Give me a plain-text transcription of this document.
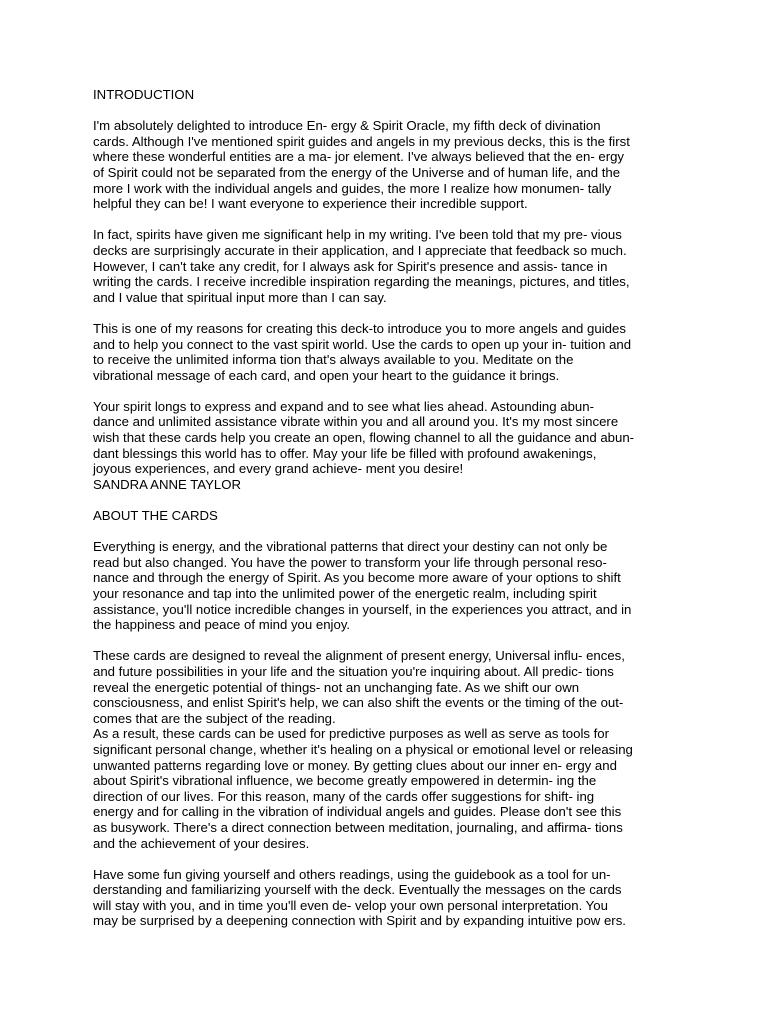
INTRODUCTION
I'm absolutely delighted to introduce En- ergy & Spirit Oracle, my fifth deck of divination
cards. Although I've mentioned spirit guides and angels in my previous decks, this is the first
where these wonderful entities are a ma- jor element. I've always believed that the en- ergy
of Spirit could not be separated from the energy of the Universe and of human life, and the
more I work with the individual angels and guides, the more I realize how monumen- tally
helpful they can be! I want everyone to experience their incredible support.
In fact, spirits have given me significant help in my writing. I've been told that my pre- vious
decks are surprisingly accurate in their application, and I appreciate that feedback so much.
However, I can't take any credit, for I always ask for Spirit's presence and assis- tance in
writing the cards. I receive incredible inspiration regarding the meanings, pictures, and titles,
and I value that spiritual input more than I can say.
This is one of my reasons for creating this deck-to introduce you to more angels and guides
and to help you connect to the vast spirit world. Use the cards to open up your in- tuition and
to receive the unlimited informa tion that's always available to you. Meditate on the
vibrational message of each card, and open your heart to the guidance it brings.
Your spirit longs to express and expand and to see what lies ahead. Astounding abun-
dance and unlimited assistance vibrate within you and all around you. It's my most sincere
wish that these cards help you create an open, flowing channel to all the guidance and abun-
dant blessings this world has to offer. May your life be filled with profound awakenings,
joyous experiences, and every grand achieve- ment you desire!
SANDRA ANNE TAYLOR
ABOUT THE CARDS
Everything is energy, and the vibrational patterns that direct your destiny can not only be
read but also changed. You have the power to transform your life through personal reso-
nance and through the energy of Spirit. As you become more aware of your options to shift
your resonance and tap into the unlimited power of the energetic realm, including spirit
assistance, you'll notice incredible changes in yourself, in the experiences you attract, and in
the happiness and peace of mind you enjoy.
These cards are designed to reveal the alignment of present energy, Universal influ- ences,
and future possibilities in your life and the situation you're inquiring about. All predic- tions
reveal the energetic potential of things- not an unchanging fate. As we shift our own
consciousness, and enlist Spirit's help, we can also shift the events or the timing of the out-
comes that are the subject of the reading.
As a result, these cards can be used for predictive purposes as well as serve as tools for
significant personal change, whether it's healing on a physical or emotional level or releasing
unwanted patterns regarding love or money. By getting clues about our inner en- ergy and
about Spirit's vibrational influence, we become greatly empowered in determin- ing the
direction of our lives. For this reason, many of the cards offer suggestions for shift- ing
energy and for calling in the vibration of individual angels and guides. Please don't see this
as busywork. There's a direct connection between meditation, journaling, and affirma- tions
and the achievement of your desires.
Have some fun giving yourself and others readings, using the guidebook as a tool for un-
derstanding and familiarizing yourself with the deck. Eventually the messages on the cards
will stay with you, and in time you'll even de- velop your own personal interpretation. You
may be surprised by a deepening connection with Spirit and by expanding intuitive pow ers.
